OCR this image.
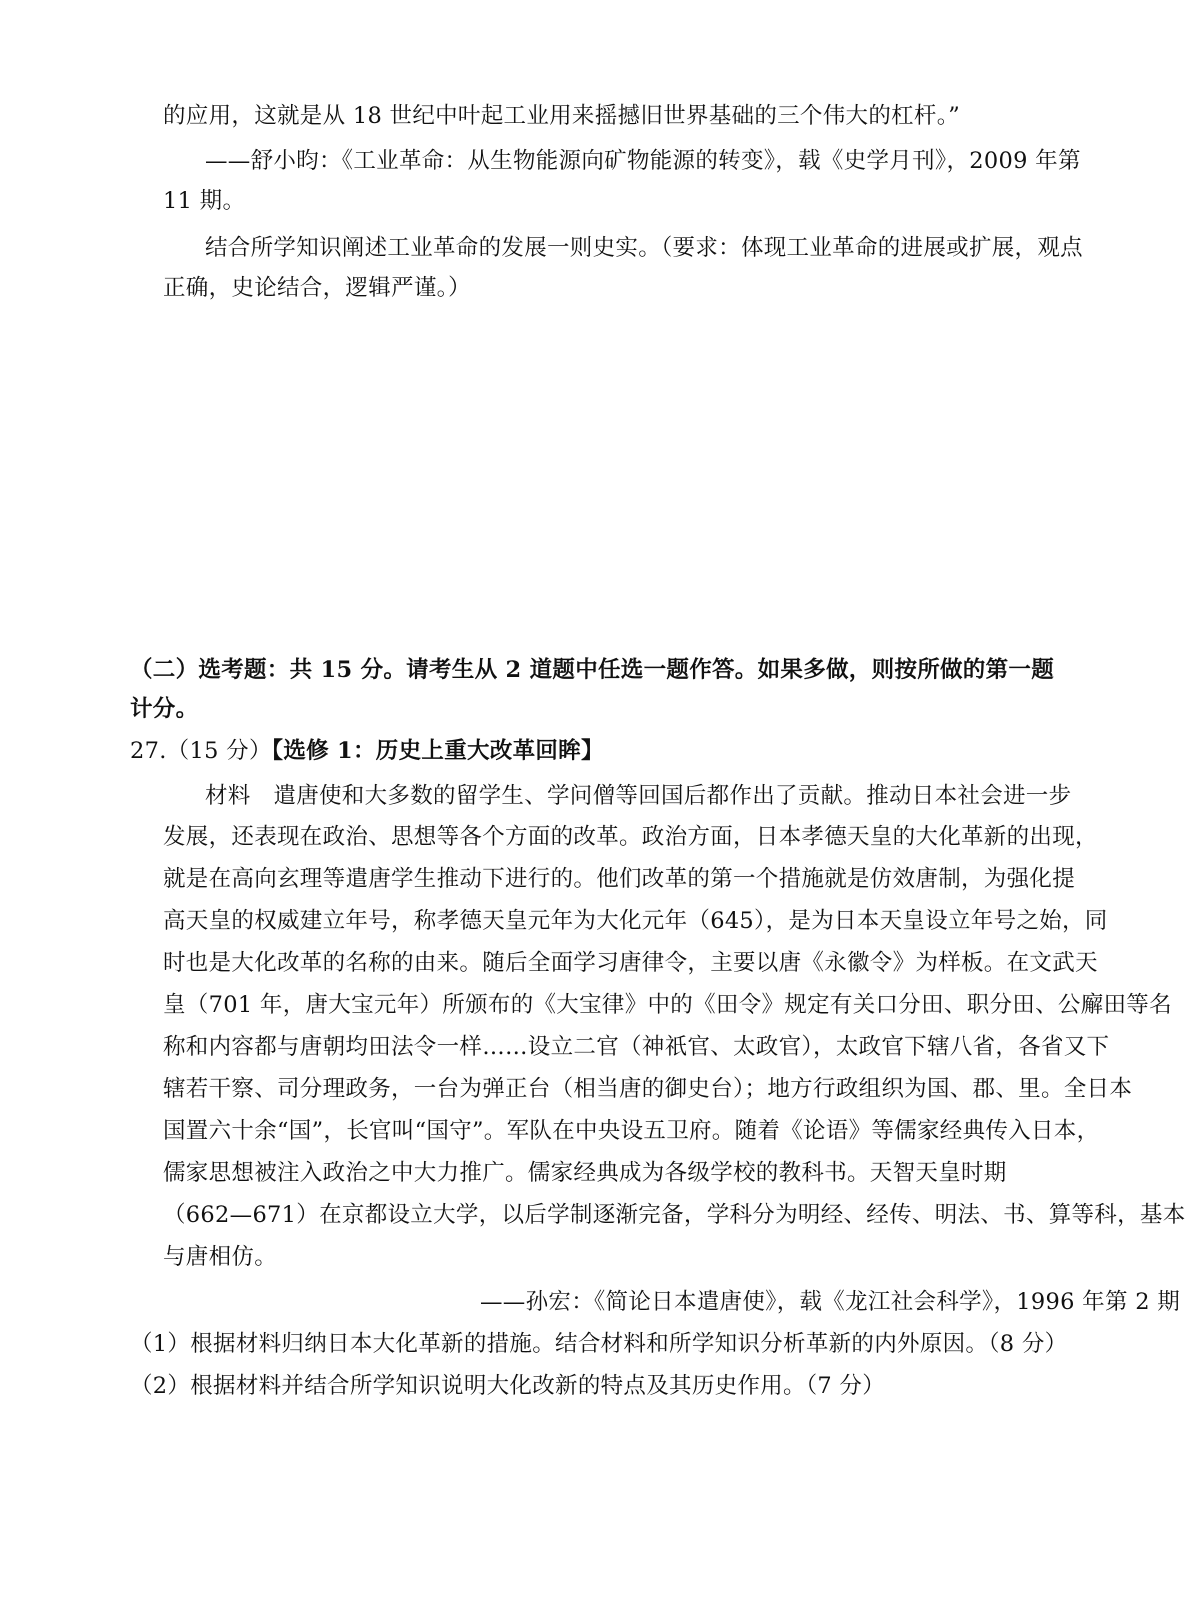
的应用，这就是从 18 世纪中叶起工业用来摇撼旧世界基础的三个伟大的杠杆。”
——舒小昀：《工业革命：从生物能源向矿物能源的转变》，载《史学月刊》，2009 年第
11 期。
结合所学知识阐述工业革命的发展一则史实。（要求：体现工业革命的进展或扩展，观点
正确，史论结合，逻辑严谨。）
（二）选考题：共 15 分。请考生从 2 道题中任选一题作答。如果多做，则按所做的第一题
计分。
27.（15 分）【选修 1：历史上重大改革回眸】
材料　遣唐使和大多数的留学生、学问僧等回国后都作出了贡献。推动日本社会进一步
发展，还表现在政治、思想等各个方面的改革。政治方面，日本孝德天皇的大化革新的出现，
就是在高向玄理等遣唐学生推动下进行的。他们改革的第一个措施就是仿效唐制，为强化提
高天皇的权威建立年号，称孝德天皇元年为大化元年（645），是为日本天皇设立年号之始，同
时也是大化改革的名称的由来。随后全面学习唐律令，主要以唐《永徽令》为样板。在文武天
皇（701 年，唐大宝元年）所颁布的《大宝律》中的《田令》规定有关口分田、职分田、公廨田等名
称和内容都与唐朝均田法令一样……设立二官（神祇官、太政官），太政官下辖八省，各省又下
辖若干察、司分理政务，一台为弹正台（相当唐的御史台）；地方行政组织为国、郡、里。全日本
国置六十余“国”，长官叫“国守”。军队在中央设五卫府。随着《论语》等儒家经典传入日本，
儒家思想被注入政治之中大力推广。儒家经典成为各级学校的教科书。天智天皇时期
（662—671）在京都设立大学，以后学制逐渐完备，学科分为明经、经传、明法、书、算等科，基本
与唐相仿。
——孙宏：《简论日本遣唐使》，载《龙江社会科学》，1996 年第 2 期
（1）根据材料归纳日本大化革新的措施。结合材料和所学知识分析革新的内外原因。（8 分）
（2）根据材料并结合所学知识说明大化改新的特点及其历史作用。（7 分）
